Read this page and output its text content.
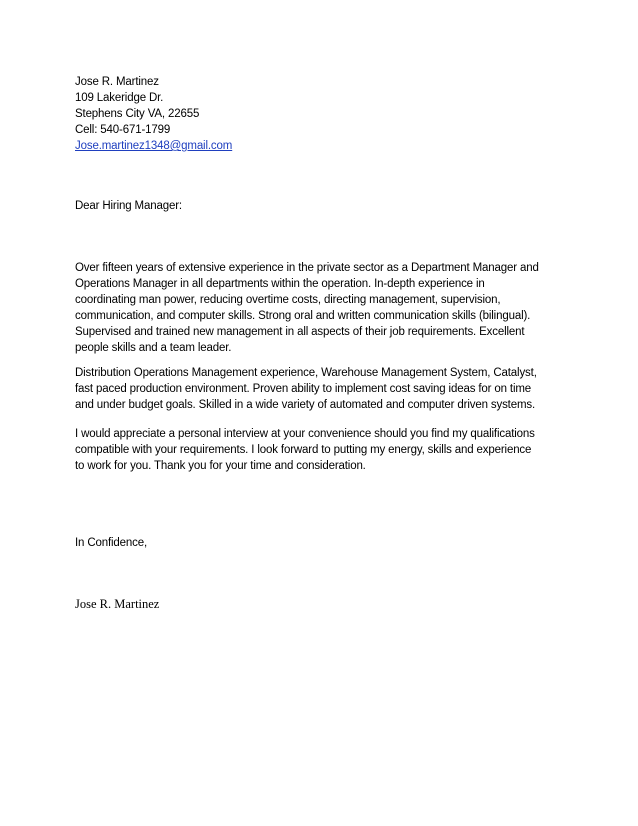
Jose R. Martinez
109 Lakeridge Dr.
Stephens City VA, 22655
Cell: 540-671-1799
Jose.martinez1348@gmail.com
Dear Hiring Manager:
Over fifteen years of extensive experience in the private sector as a Department Manager and
Operations Manager in all departments within the operation. In-depth experience in
coordinating man power, reducing overtime costs, directing management, supervision,
communication, and computer skills. Strong oral and written communication skills (bilingual).
Supervised and trained new management in all aspects of their job requirements. Excellent
people skills and a team leader.
Distribution Operations Management experience, Warehouse Management System, Catalyst,
fast paced production environment. Proven ability to implement cost saving ideas for on time
and under budget goals. Skilled in a wide variety of automated and computer driven systems.
I would appreciate a personal interview at your convenience should you find my qualifications
compatible with your requirements. I look forward to putting my energy, skills and experience
to work for you. Thank you for your time and consideration.
In Confidence,
Jose R. Martinez
